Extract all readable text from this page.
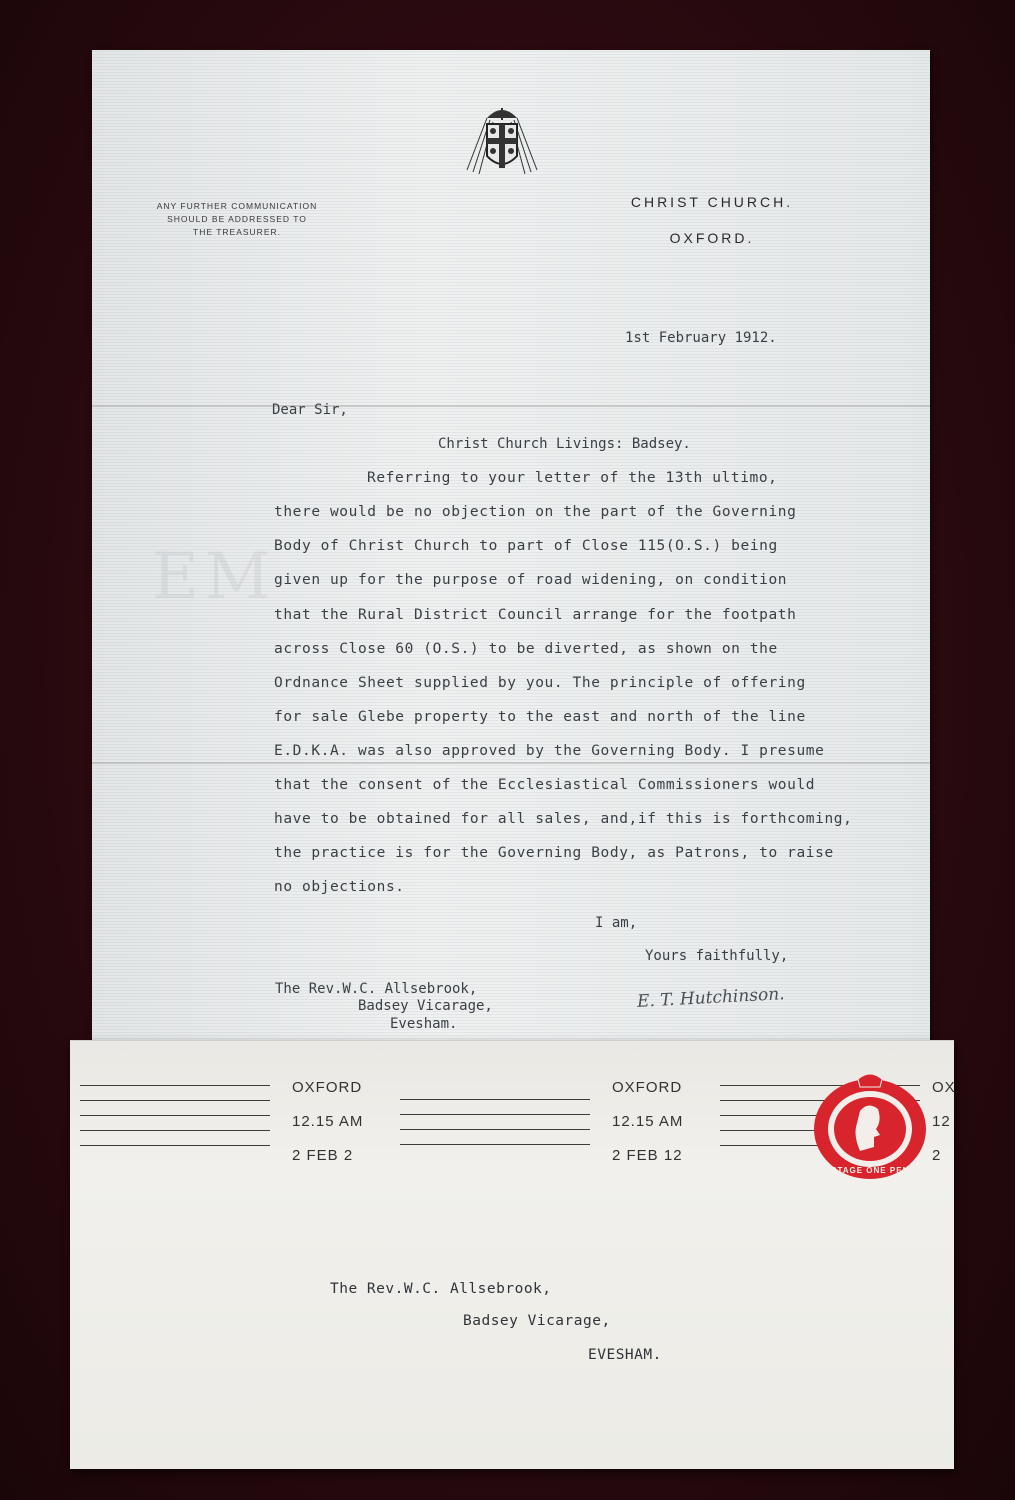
EM
ANY FURTHER COMMUNICATION
SHOULD BE ADDRESSED TO
THE TREASURER.
CHRIST CHURCH.
OXFORD.
1st February 1912.
Dear Sir,
Christ Church Livings: Badsey.
Referring to your letter of the 13th ultimo,
there would be no objection on the part of the Governing
Body of Christ Church to part of Close 115(O.S.) being
given up for the purpose of road widening, on condition
that the Rural District Council arrange for the footpath
across Close 60 (O.S.) to be diverted, as shown on the
Ordnance Sheet supplied by you. The principle of offering
for sale Glebe property to the east and north of the line
E.D.K.A. was also approved by the Governing Body. I presume
that the consent of the Ecclesiastical Commissioners would
have to be obtained for all sales, and,if this is forthcoming,
the practice is for the Governing Body, as Patrons, to raise
no objections.
I am,
Yours faithfully,
E. T. Hutchinson.
The Rev.W.C. Allsebrook,
Badsey Vicarage,
Evesham.
OXFORD
12.15 AM
2 FEB 2
OXFORD
12.15 AM
2 FEB 12
POSTAGE ONE PENNY
OX
12
2
The Rev.W.C. Allsebrook,
Badsey Vicarage,
EVESHAM.
